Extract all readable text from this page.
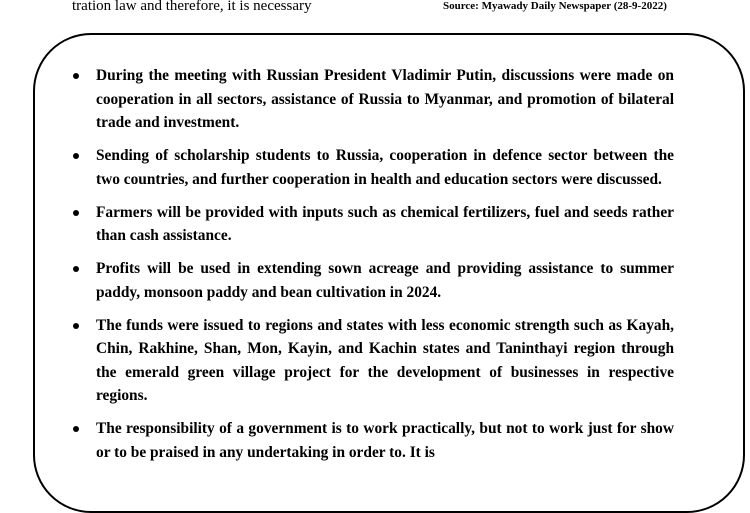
tration law and therefore, it is necessary	Source: Myawady Daily Newspaper (28-9-2022)
During the meeting with Russian President Vladimir Putin, discussions were made on cooperation in all sectors, assistance of Russia to Myanmar, and promotion of bilateral trade and investment.
Sending of scholarship students to Russia, cooperation in defence sector between the two countries, and further cooperation in health and education sectors were discussed.
Farmers will be provided with inputs such as chemical fertilizers, fuel and seeds rather than cash assistance.
Profits will be used in extending sown acreage and providing assistance to summer paddy, monsoon paddy and bean cultivation in 2024.
The funds were issued to regions and states with less economic strength such as Kayah, Chin, Rakhine, Shan, Mon, Kayin, and Kachin states and Taninthayi region through the emerald green village project for the development of businesses in respective regions.
The responsibility of a government is to work practically, but not to work just for show or to be praised in any undertaking in order to. It is
